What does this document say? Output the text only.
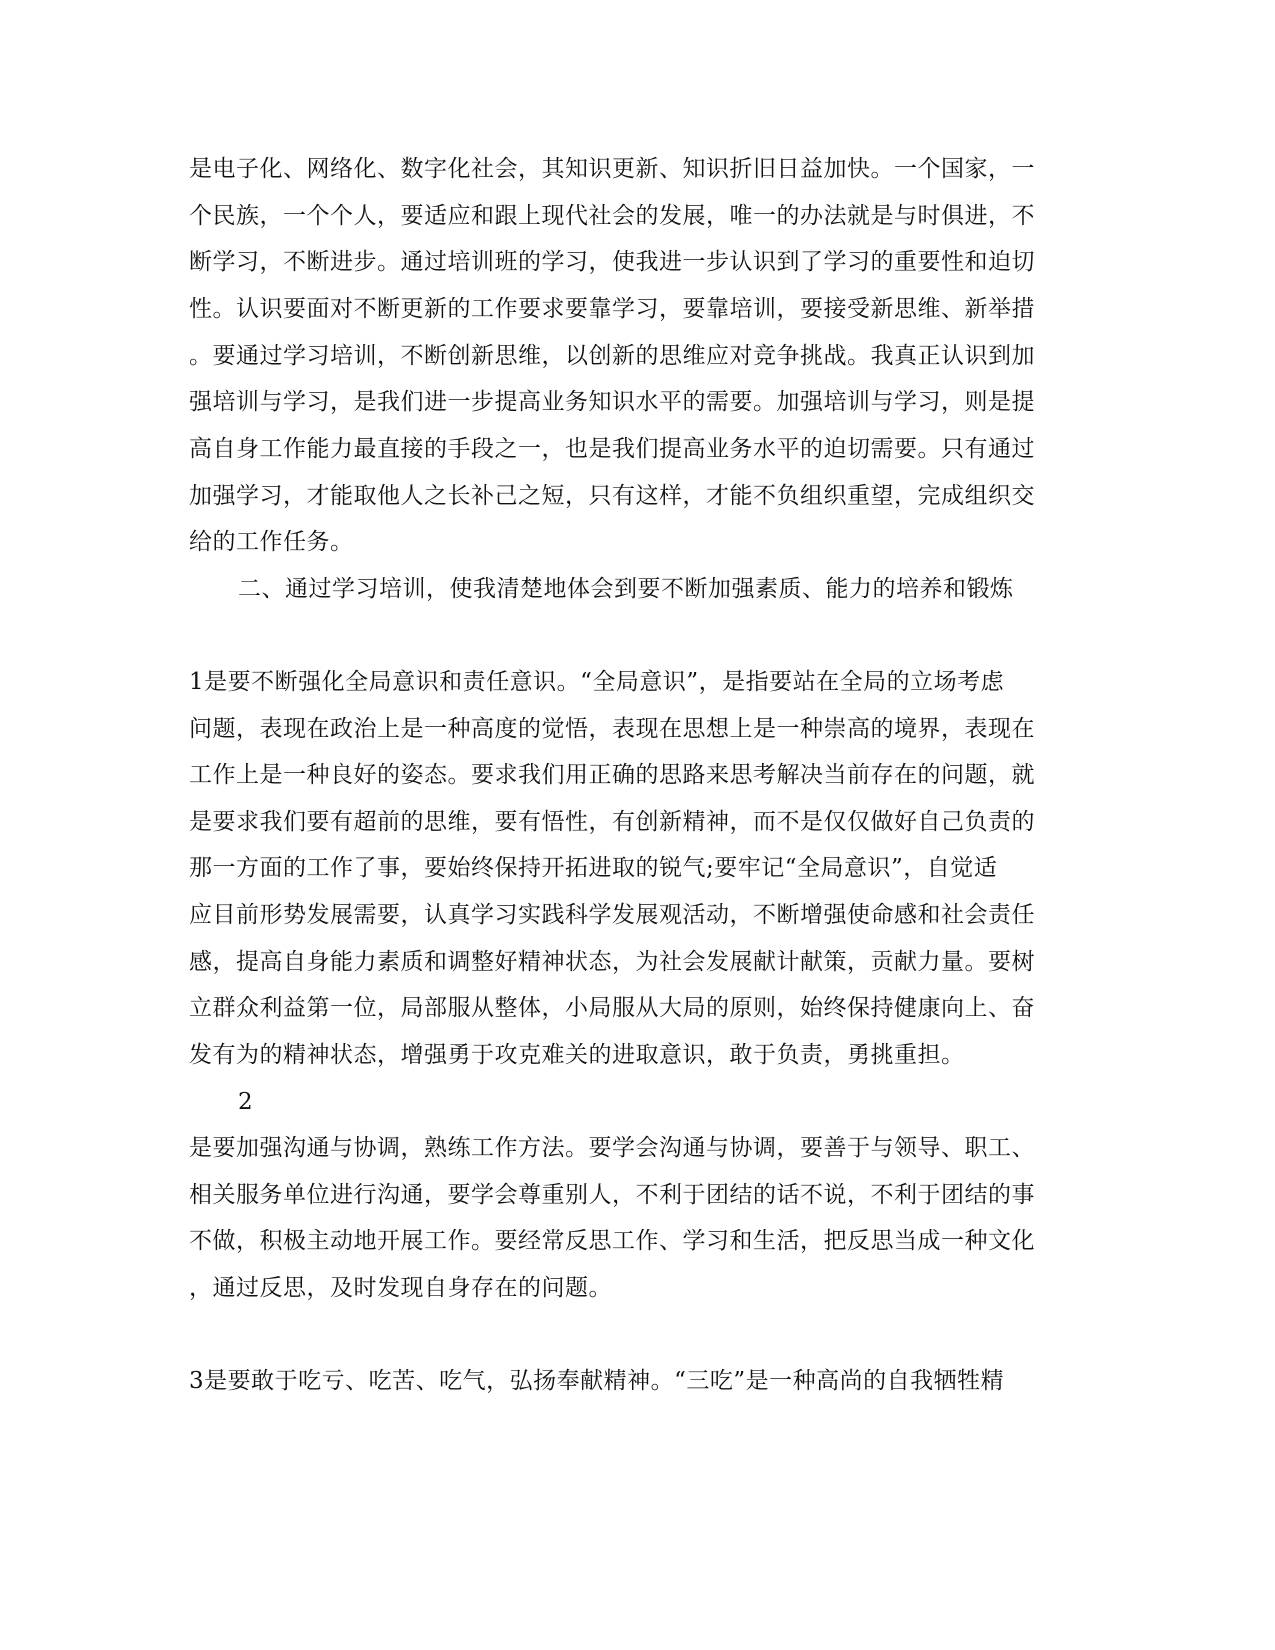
是电子化、网络化、数字化社会，其知识更新、知识折旧日益加快。一个国家，一
个民族，一个个人，要适应和跟上现代社会的发展，唯一的办法就是与时俱进，不
断学习，不断进步。通过培训班的学习，使我进一步认识到了学习的重要性和迫切
性。认识要面对不断更新的工作要求要靠学习，要靠培训，要接受新思维、新举措
。要通过学习培训，不断创新思维，以创新的思维应对竞争挑战。我真正认识到加
强培训与学习，是我们进一步提高业务知识水平的需要。加强培训与学习，则是提
高自身工作能力最直接的手段之一，也是我们提高业务水平的迫切需要。只有通过
加强学习，才能取他人之长补己之短，只有这样，才能不负组织重望，完成组织交
给的工作任务。
二、通过学习培训，使我清楚地体会到要不断加强素质、能力的培养和锻炼
1是要不断强化全局意识和责任意识。“全局意识”，是指要站在全局的立场考虑
问题，表现在政治上是一种高度的觉悟，表现在思想上是一种崇高的境界，表现在
工作上是一种良好的姿态。要求我们用正确的思路来思考解决当前存在的问题，就
是要求我们要有超前的思维，要有悟性，有创新精神，而不是仅仅做好自己负责的
那一方面的工作了事，要始终保持开拓进取的锐气;要牢记“全局意识”，自觉适
应目前形势发展需要，认真学习实践科学发展观活动，不断增强使命感和社会责任
感，提高自身能力素质和调整好精神状态，为社会发展献计献策，贡献力量。要树
立群众利益第一位，局部服从整体，小局服从大局的原则，始终保持健康向上、奋
发有为的精神状态，增强勇于攻克难关的进取意识，敢于负责，勇挑重担。
2
是要加强沟通与协调，熟练工作方法。要学会沟通与协调，要善于与领导、职工、
相关服务单位进行沟通，要学会尊重别人，不利于团结的话不说，不利于团结的事
不做，积极主动地开展工作。要经常反思工作、学习和生活，把反思当成一种文化
，通过反思，及时发现自身存在的问题。
3是要敢于吃亏、吃苦、吃气，弘扬奉献精神。“三吃”是一种高尚的自我牺牲精
